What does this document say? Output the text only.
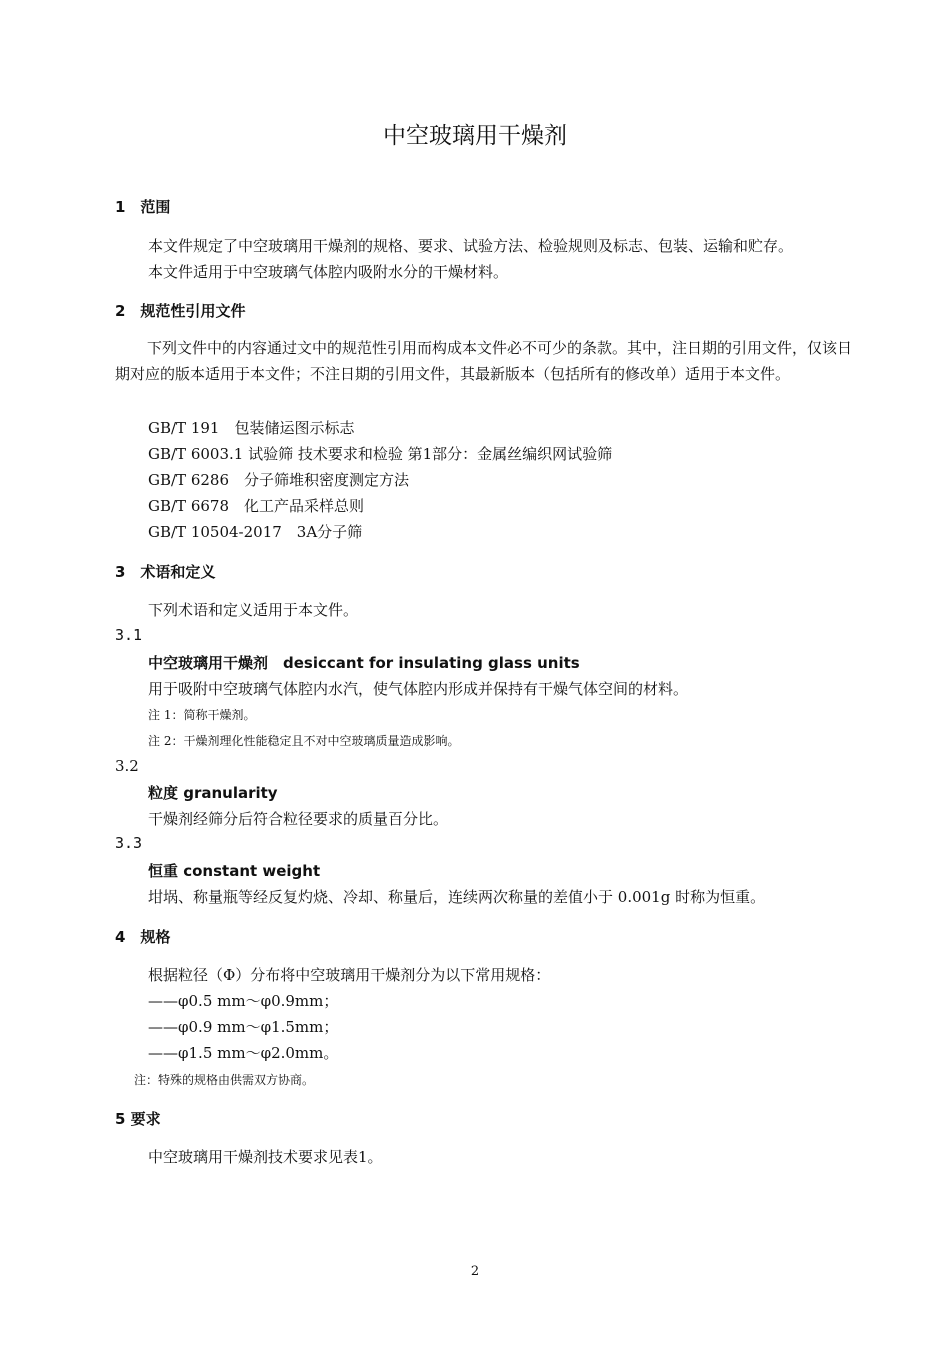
中空玻璃用干燥剂
1　范围
本文件规定了中空玻璃用干燥剂的规格、要求、试验方法、检验规则及标志、包装、运输和贮存。
本文件适用于中空玻璃气体腔内吸附水分的干燥材料。
2　规范性引用文件
下列文件中的内容通过文中的规范性引用而构成本文件必不可少的条款。其中，注日期的引用文件，仅该日期对应的版本适用于本文件；不注日期的引用文件，其最新版本（包括所有的修改单）适用于本文件。
GB/T 191　包装储运图示标志
GB/T 6003.1 试验筛 技术要求和检验 第1部分：金属丝编织网试验筛
GB/T 6286　分子筛堆积密度测定方法
GB/T 6678　化工产品采样总则
GB/T 10504-2017　3A分子筛
3　术语和定义
下列术语和定义适用于本文件。
3.1
中空玻璃用干燥剂　desiccant for insulating glass units
用于吸附中空玻璃气体腔内水汽，使气体腔内形成并保持有干燥气体空间的材料。
注 1：简称干燥剂。
注 2：干燥剂理化性能稳定且不对中空玻璃质量造成影响。
3.2
粒度 granularity
干燥剂经筛分后符合粒径要求的质量百分比。
3.3
恒重 constant weight
坩埚、称量瓶等经反复灼烧、冷却、称量后，连续两次称量的差值小于 0.001g 时称为恒重。
4　规格
根据粒径（Φ）分布将中空玻璃用干燥剂分为以下常用规格：
——φ0.5 mm～φ0.9mm；
——φ0.9 mm～φ1.5mm；
——φ1.5 mm～φ2.0mm。
注：特殊的规格由供需双方协商。
5 要求
中空玻璃用干燥剂技术要求见表1。
2
